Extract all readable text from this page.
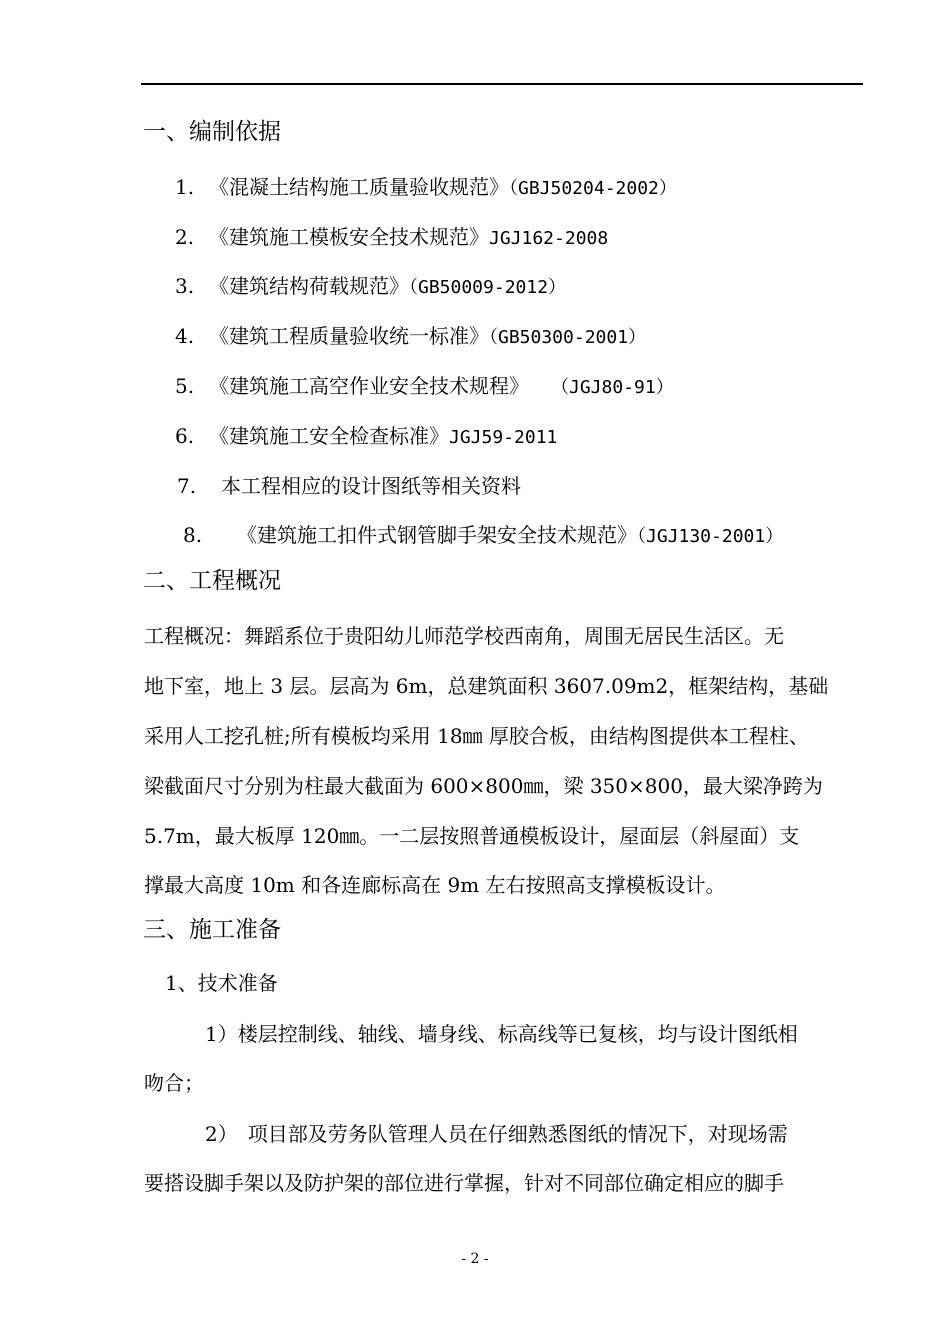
一、编制依据
1. 《混凝土结构施工质量验收规范》（GBJ50204-2002）
2. 《建筑施工模板安全技术规范》JGJ162-2008
3. 《建筑结构荷载规范》（GB50009-2012）
4. 《建筑工程质量验收统一标准》（GB50300-2001）
5. 《建筑施工高空作业安全技术规程》 （JGJ80-91）
6. 《建筑施工安全检查标准》JGJ59-2011
7. 本工程相应的设计图纸等相关资料
8. 《建筑施工扣件式钢管脚手架安全技术规范》（JGJ130-2001）
二、工程概况
工程概况：舞蹈系位于贵阳幼儿师范学校西南角，周围无居民生活区。无
地下室，地上 3 层。层高为 6m，总建筑面积 3607.09m2，框架结构，基础
采用人工挖孔桩;所有模板均采用 18㎜ 厚胶合板，由结构图提供本工程柱、
梁截面尺寸分别为柱最大截面为 600×800㎜，梁 350×800，最大梁净跨为
5.7m，最大板厚 120㎜。一二层按照普通模板设计，屋面层（斜屋面）支
撑最大高度 10m 和各连廊标高在 9m 左右按照高支撑模板设计。
三、施工准备
1、技术准备
1）楼层控制线、轴线、墙身线、标高线等已复核，均与设计图纸相
吻合；
2）　项目部及劳务队管理人员在仔细熟悉图纸的情况下，对现场需
要搭设脚手架以及防护架的部位进行掌握，针对不同部位确定相应的脚手
- 2 -
